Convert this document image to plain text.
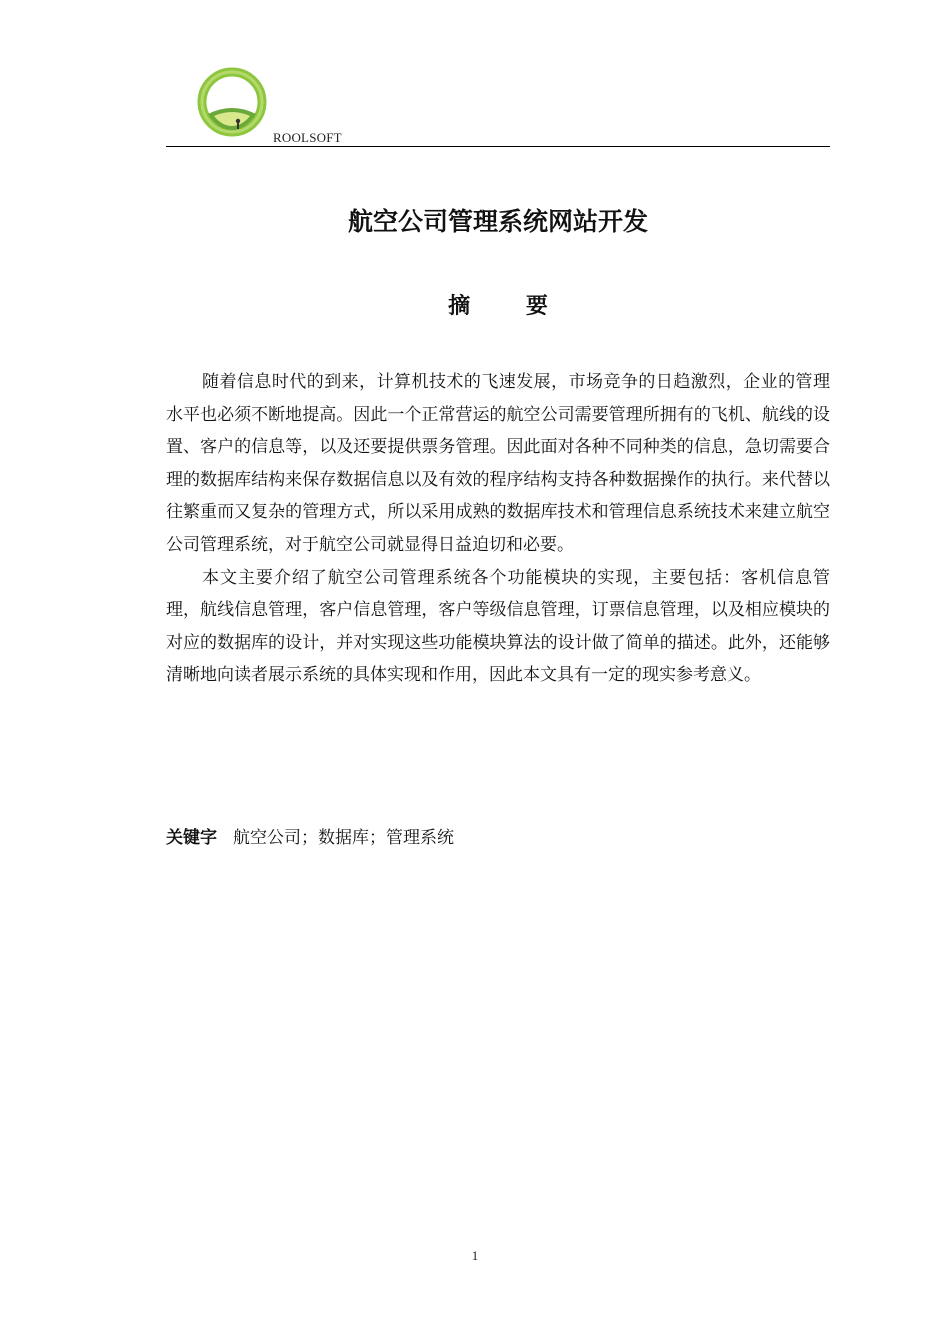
ROOLSOFT
航空公司管理系统网站开发
摘 要

随着信息时代的到来，计算机技术的飞速发展，市场竞争的日趋激烈，企业的管理水平也必须不断地提高。因此一个正常营运的航空公司需要管理所拥有的飞机、航线的设置、客户的信息等，以及还要提供票务管理。因此面对各种不同种类的信息，急切需要合理的数据库结构来保存数据信息以及有效的程序结构支持各种数据操作的执行。来代替以往繁重而又复杂的管理方式，所以采用成熟的数据库技术和管理信息系统技术来建立航空公司管理系统，对于航空公司就显得日益迫切和必要。

本文主要介绍了航空公司管理系统各个功能模块的实现，主要包括：客机信息管理，航线信息管理，客户信息管理，客户等级信息管理，订票信息管理，以及相应模块的对应的数据库的设计，并对实现这些功能模块算法的设计做了简单的描述。此外，还能够清晰地向读者展示系统的具体实现和作用，因此本文具有一定的现实参考意义。

关键字 航空公司；数据库；管理系统

1
